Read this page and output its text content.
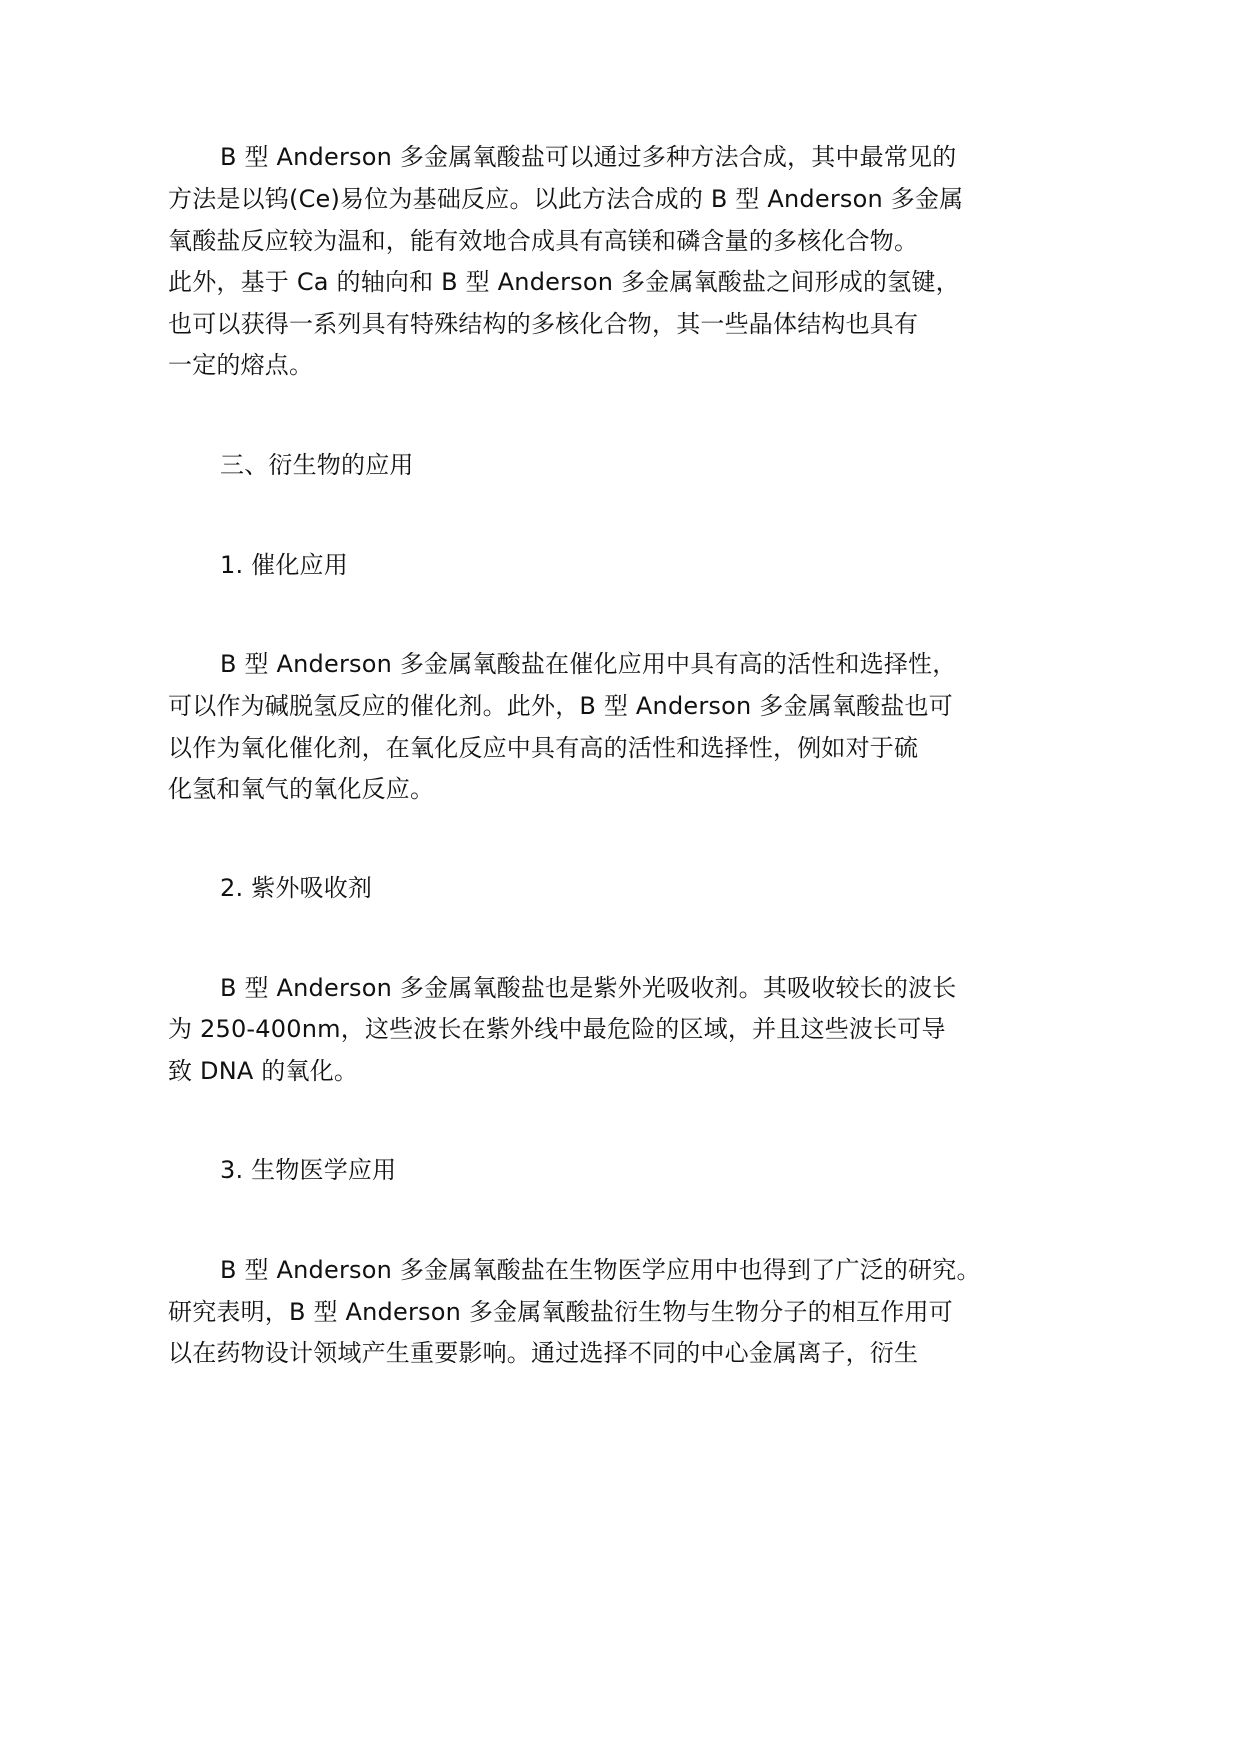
B 型 Anderson 多金属氧酸盐可以通过多种方法合成，其中最常见的
方法是以钨(Ce)易位为基础反应。以此方法合成的 B 型 Anderson 多金属
氧酸盐反应较为温和，能有效地合成具有高镁和磷含量的多核化合物。
此外，基于 Ca 的轴向和 B 型 Anderson 多金属氧酸盐之间形成的氢键，
也可以获得一系列具有特殊结构的多核化合物，其一些晶体结构也具有
一定的熔点。
三、衍生物的应用
1. 催化应用
B 型 Anderson 多金属氧酸盐在催化应用中具有高的活性和选择性，
可以作为碱脱氢反应的催化剂。此外，B 型 Anderson 多金属氧酸盐也可
以作为氧化催化剂，在氧化反应中具有高的活性和选择性，例如对于硫
化氢和氧气的氧化反应。
2. 紫外吸收剂
B 型 Anderson 多金属氧酸盐也是紫外光吸收剂。其吸收较长的波长
为 250-400nm，这些波长在紫外线中最危险的区域，并且这些波长可导
致 DNA 的氧化。
3. 生物医学应用
B 型 Anderson 多金属氧酸盐在生物医学应用中也得到了广泛的研究。
研究表明，B 型 Anderson 多金属氧酸盐衍生物与生物分子的相互作用可
以在药物设计领域产生重要影响。通过选择不同的中心金属离子，衍生
